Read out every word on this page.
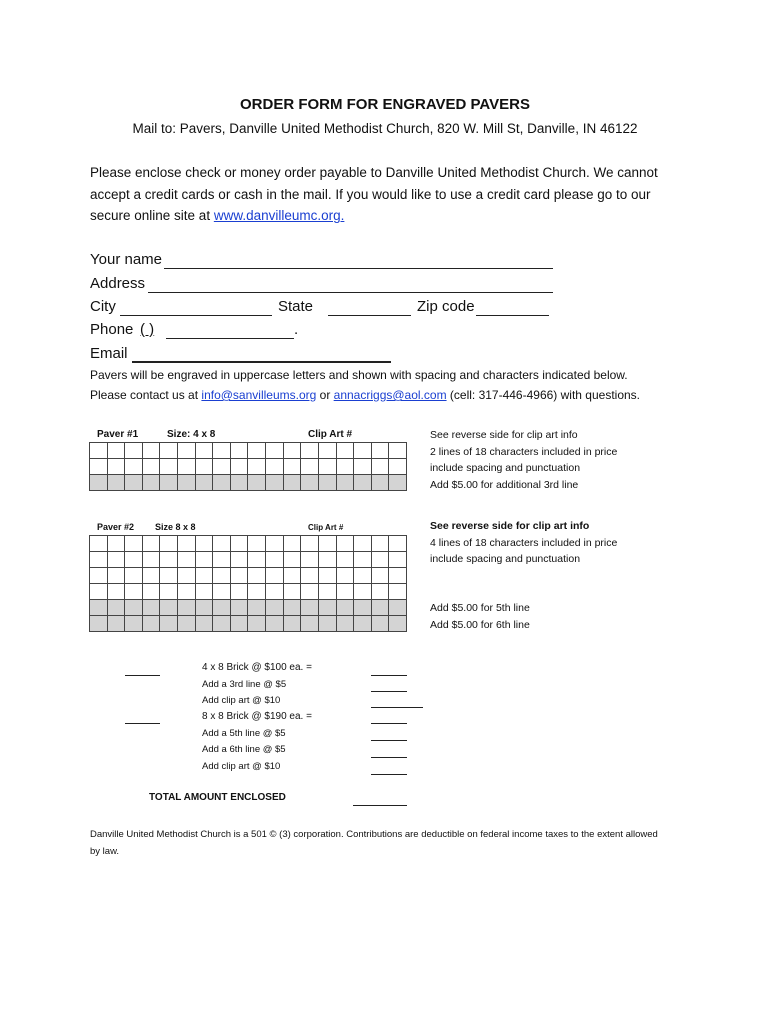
ORDER FORM FOR ENGRAVED PAVERS
Mail to: Pavers, Danville United Methodist Church, 820 W. Mill St, Danville, IN 46122
Please enclose check or money order payable to Danville United Methodist Church. We cannot
accept a credit cards or cash in the mail. If you would like to use a credit card please go to our
secure online site at www.danvilleumc.org.
Your name
Address
City	State	Zip code
Phone ( )	.
Email
Pavers will be engraved in uppercase letters and shown with spacing and characters indicated below.
Please contact us at info@sanvilleums.org or annacriggs@aol.com (cell: 317-446-4966) with questions.
Paver #1	Size: 4 x 8	Clip Art #

																		See reverse side for clip art info
2 lines of 18 characters included in price
include spacing and punctuation
Add $5.00 for additional 3rd line
Paver #2 Size 8 x 8	Clip Art #

																		See reverse side for clip art info
4 lines of 18 characters included in price
include spacing and punctuation
Add $5.00 for 5th line
Add $5.00 for 6th line
4 x 8 Brick @ $100 ea. =
Add a 3rd line @ $5
Add clip art @ $10
8 x 8 Brick @ $190 ea. =
Add a 5th line @ $5
Add a 6th line @ $5
Add clip art @ $10
TOTAL AMOUNT ENCLOSED
Danville United Methodist Church is a 501 © (3) corporation. Contributions are deductible on federal income taxes to the extent allowed by law.
